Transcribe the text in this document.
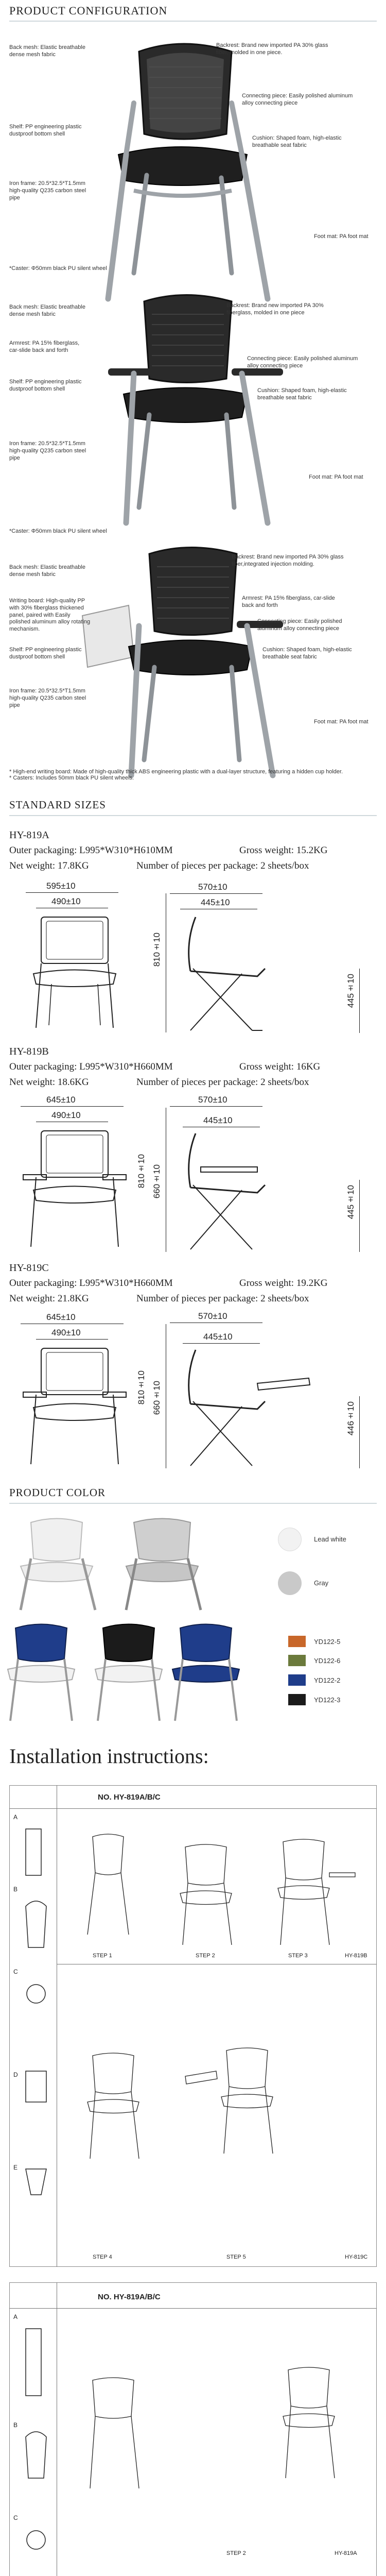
PRODUCT CONFIGURATION
Back mesh: Elastic breathable dense mesh fabric
Shelf: PP engineering plastic dustproof bottom shell
Iron frame: 20.5*32.5*T1.5mm high-quality Q235 carbon steel pipe
Backrest: Brand new imported PA 30% glass fiber, molded in one piece.
Connecting piece: Easily polished aluminum alloy connecting piece
Cushion: Shaped foam, high-elastic breathable seat fabric
Foot mat: PA foot mat
*Caster: Φ50mm black PU silent wheel
Back mesh: Elastic breathable dense mesh fabric
Armrest: PA 15% fiberglass, car-slide back and forth
Shelf: PP engineering plastic dustproof bottom shell
Iron frame: 20.5*32.5*T1.5mm high-quality Q235 carbon steel pipe
Backrest: Brand new imported PA 30% fiberglass, molded in one piece
Connecting piece: Easily polished aluminum alloy connecting piece
Cushion: Shaped foam, high-elastic breathable seat fabric
Foot mat: PA foot mat
*Caster: Φ50mm black PU silent wheel
Back mesh: Elastic breathable dense mesh fabric
Writing board: High-quality PP with 30% fiberglass thickened panel, paired with Easily polished aluminum alloy rotating mechanism.
Shelf: PP engineering plastic dustproof bottom shell
Iron frame: 20.5*32.5*T1.5mm high-quality Q235 carbon steel pipe
Backrest: Brand new imported PA 30% glass fiber,integrated injection molding.
Armrest: PA 15% fiberglass, car-slide back and forth
Connecting piece: Easily polished aluminum alloy connecting piece
Cushion: Shaped foam, high-elastic breathable seat fabric
Foot mat: PA foot mat
* High-end writing board: Made of high-quality thick ABS engineering plastic with a dual-layer structure, featuring a hidden cup holder.
* Casters: Includes 50mm black PU silent wheels.
STANDARD SIZES
HY-819A
Outer packaging: L995*W310*H610MM	Gross weight: 15.2KG
Net weight: 17.8KG	Number of pieces per package: 2 sheets/box
595±10
490±10
570±10
445±10
810±10
445±10
HY-819B
Outer packaging: L995*W310*H660MM	Gross weight: 16KG
Net weight: 18.6KG	Number of pieces per package: 2 sheets/box
645±10
490±10
570±10
445±10
810±10 660±10
445±10
HY-819C
Outer packaging: L995*W310*H660MM	Gross weight: 19.2KG
Net weight: 21.8KG	Number of pieces per package: 2 sheets/box
645±10
490±10
570±10
445±10
810±10 660±10
446±10
PRODUCT COLOR
Lead white
Gray
YD122-5
YD122-6
YD122-2
YD122-3
Installation instructions:
NO. HY-819A/B/C
A
B
C
D
E
STEP 1	STEP 2	STEP 3	HY-819B
STEP 4	STEP 5	HY-819C
NO. HY-819A/B/C
A
B
C
STEP 2	HY-819A
